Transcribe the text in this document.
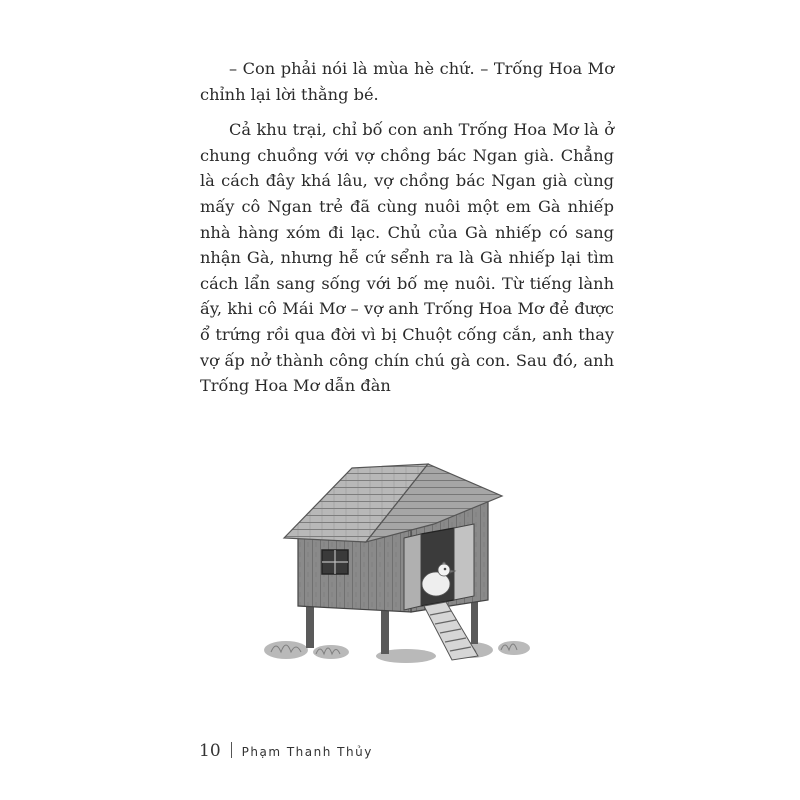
– Con phải nói là mùa hè chứ. – Trống Hoa Mơ chỉnh lại lời thằng bé.

Cả khu trại, chỉ bố con anh Trống Hoa Mơ là ở chung chuồng với vợ chồng bác Ngan già. Chẳng là cách đây khá lâu, vợ chồng bác Ngan già cùng mấy cô Ngan trẻ đã cùng nuôi một em Gà nhiếp nhà hàng xóm đi lạc. Chủ của Gà nhiếp có sang nhận Gà, nhưng hễ cứ sểnh ra là Gà nhiếp lại tìm cách lẩn sang sống với bố mẹ nuôi. Từ tiếng lành ấy, khi cô Mái Mơ – vợ anh Trống Hoa Mơ đẻ được ổ trứng rồi qua đời vì bị Chuột cống cắn, anh thay vợ ấp nở thành công chín chú gà con. Sau đó, anh Trống Hoa Mơ dẫn đàn

10 Phạm Thanh Thủy
